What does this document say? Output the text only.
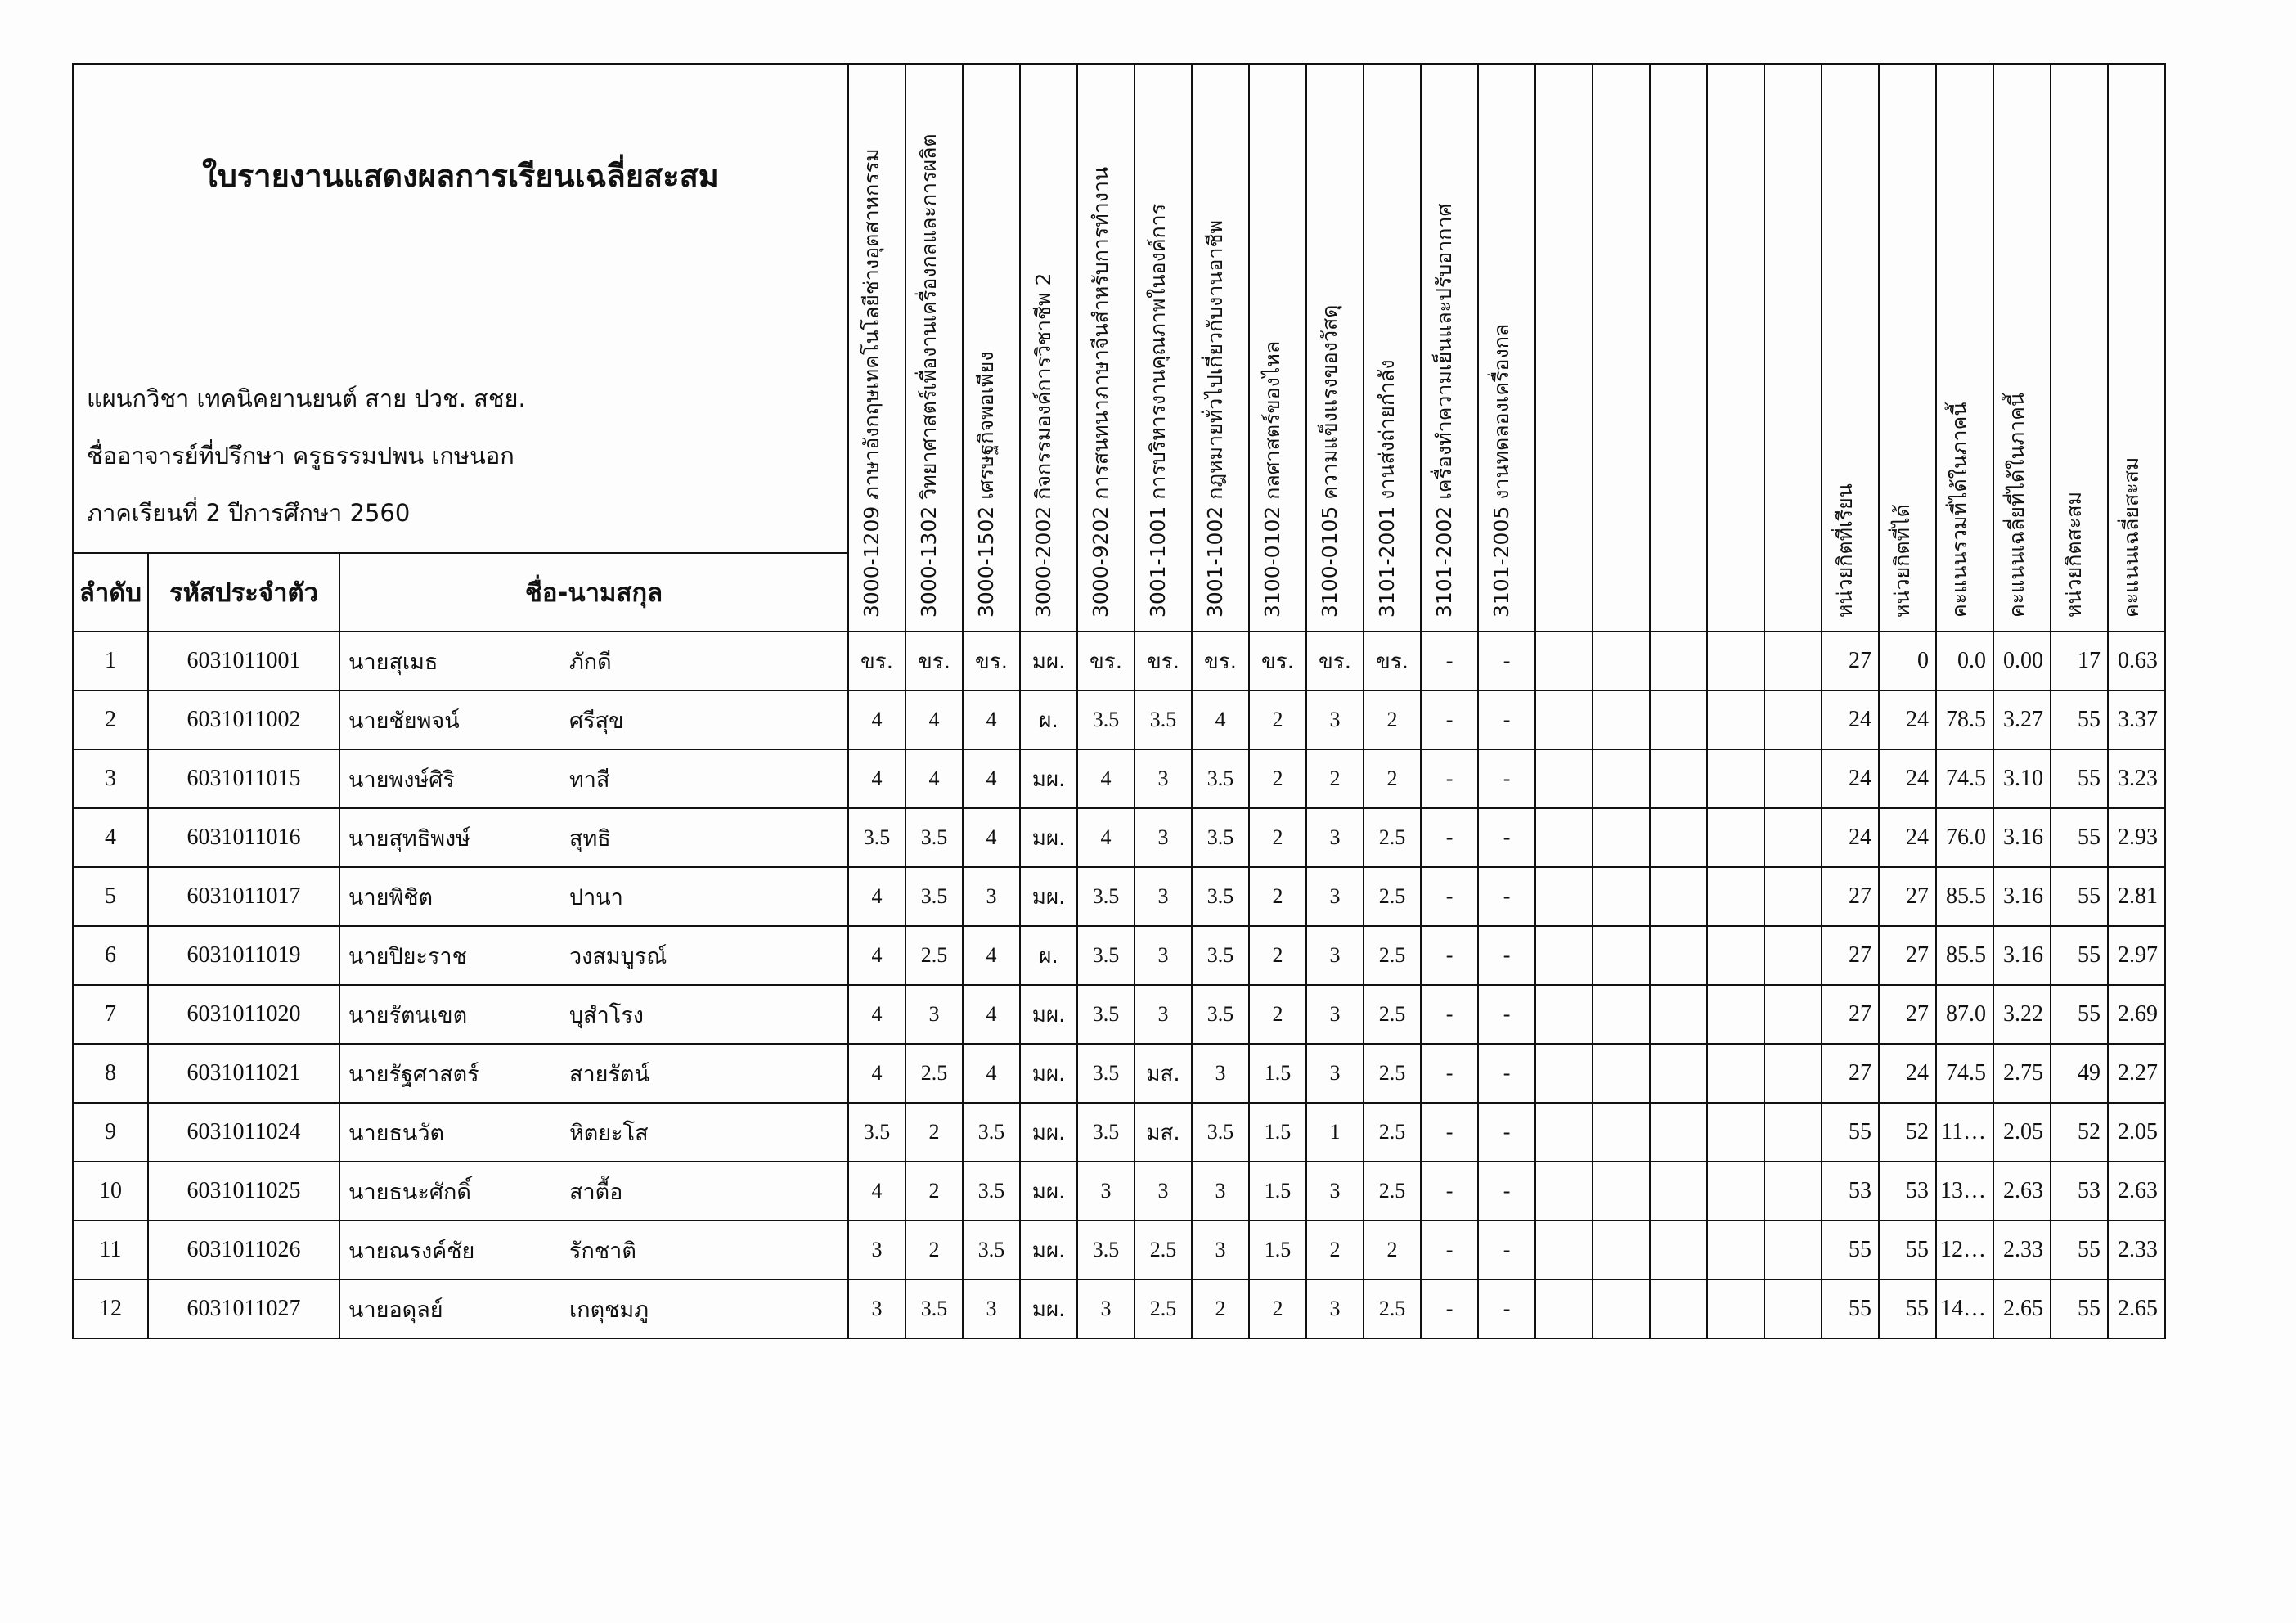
ใบรายงานแสดงผลการเรียนเฉลี่ยสะสม
แผนกวิชา เทคนิคยานยนต์ สาย ปวช. สชย.
ชื่ออาจารย์ที่ปรึกษา ครูธรรมปพน เกษนอก
ภาคเรียนที่ 2 ปีการศึกษา 2560			3000-1209 ภาษาอังกฤษเทคโนโลยีช่างอุตสาหกรรม	3000-1302 วิทยาศาสตร์เพื่องานเครื่องกลและการผลิต	3000-1502 เศรษฐกิจพอเพียง	3000-2002 กิจกรรมองค์การวิชาชีพ 2	3000-9202 การสนทนาภาษาจีนสำหรับการทำงาน	3001-1001 การบริหารงานคุณภาพในองค์การ	3001-1002 กฎหมายทั่วไปเกี่ยวกับงานอาชีพ	3100-0102 กลศาสตร์ของไหล	3100-0105 ความแข็งแรงของวัสดุ	3101-2001 งานส่งถ่ายกำลัง	3101-2002 เครื่องทำความเย็นและปรับอากาศ	3101-2005 งานทดลองเครื่องกล						หน่วยกิตที่เรียน	หน่วยกิตที่ได้	คะแนนรวมที่ได้ในภาคนี้	คะแนนเฉลี่ยที่ได้ในภาคนี้	หน่วยกิตสะสม	คะแนนเฉลี่ยสะสม

ลำดับ	รหัสประจำตัว	ชื่อ-นามสกุล																							
1	6031011001	นายสุเมธ ภักดี	ขร.	ขร.	ขร.	มผ.	ขร.	ขร.	ขร.	ขร.	ขร.	ขร.	-	-						27	0	0.0	0.00	17	0.63
2	6031011002	นายชัยพจน์ ศรีสุข	4	4	4	ผ.	3.5	3.5	4	2	3	2	-	-						24	24	78.5	3.27	55	3.37
3	6031011015	นายพงษ์ศิริ ทาสี	4	4	4	มผ.	4	3	3.5	2	2	2	-	-						24	24	74.5	3.10	55	3.23
4	6031011016	นายสุทธิพงษ์ สุทธิ	3.5	3.5	4	มผ.	4	3	3.5	2	3	2.5	-	-						24	24	76.0	3.16	55	2.93
5	6031011017	นายพิชิต ปานา	4	3.5	3	มผ.	3.5	3	3.5	2	3	2.5	-	-						27	27	85.5	3.16	55	2.81
6	6031011019	นายปิยะราช วงสมบูรณ์	4	2.5	4	ผ.	3.5	3	3.5	2	3	2.5	-	-						27	27	85.5	3.16	55	2.97
7	6031011020	นายรัตนเขต บุสำโรง	4	3	4	มผ.	3.5	3	3.5	2	3	2.5	-	-						27	27	87.0	3.22	55	2.69
8	6031011021	นายรัฐศาสตร์ สายรัตน์	4	2.5	4	มผ.	3.5	มส.	3	1.5	3	2.5	-	-						27	24	74.5	2.75	49	2.27
9	6031011024	นายธนวัต หิตยะโส	3.5	2	3.5	มผ.	3.5	มส.	3.5	1.5	1	2.5	-	-						55	52	11…	2.05	52	2.05
10	6031011025	นายธนะศักดิ์ สาตื้อ	4	2	3.5	มผ.	3	3	3	1.5	3	2.5	-	-						53	53	13…	2.63	53	2.63
11	6031011026	นายณรงค์ชัย รักชาติ	3	2	3.5	มผ.	3.5	2.5	3	1.5	2	2	-	-						55	55	12…	2.33	55	2.33
12	6031011027	นายอดุลย์ เกตุชมภู	3	3.5	3	มผ.	3	2.5	2	2	3	2.5	-	-						55	55	14…	2.65	55	2.65
